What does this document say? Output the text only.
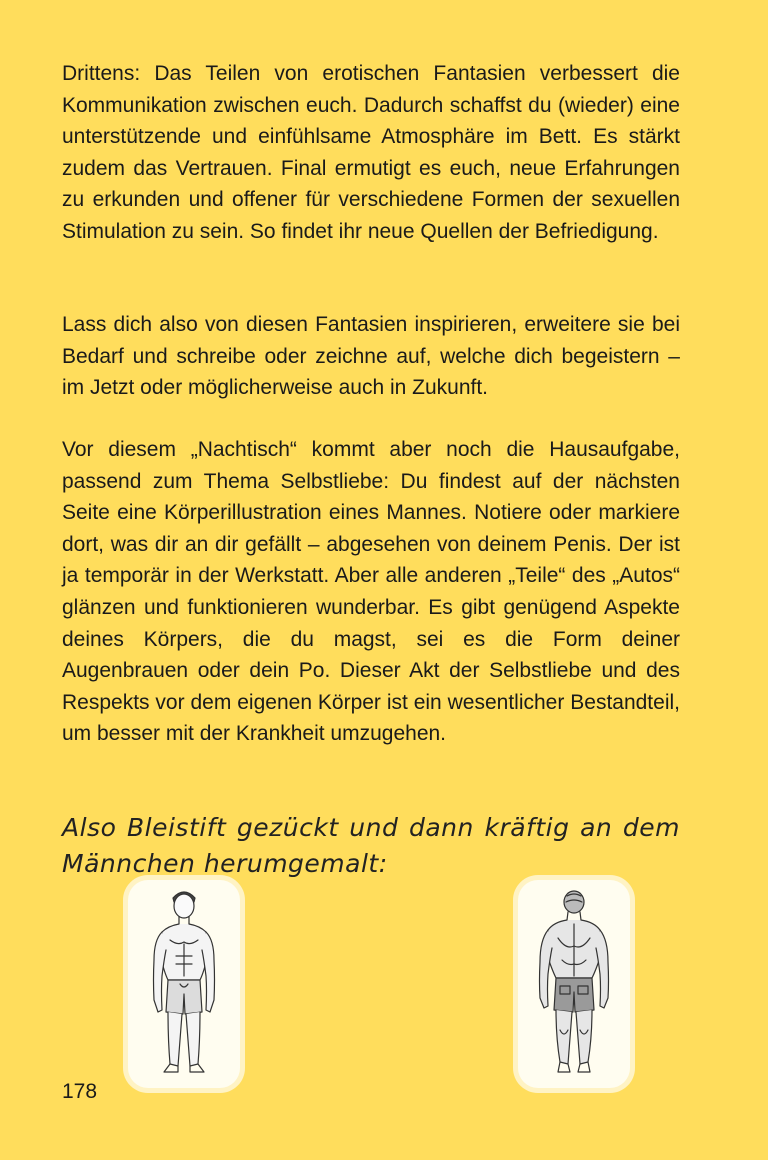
Drittens: Das Teilen von erotischen Fantasien verbessert die Kommunikation zwischen euch. Dadurch schaffst du (wieder) eine unterstützende und einfühlsame Atmosphäre im Bett. Es stärkt zudem das Vertrauen. Final ermutigt es euch, neue Erfahrungen zu erkunden und offener für verschiedene Formen der sexuellen Stimulation zu sein. So findet ihr neue Quellen der Befriedigung.

Lass dich also von diesen Fantasien inspirieren, erweitere sie bei Bedarf und schreibe oder zeichne auf, welche dich begeistern – im Jetzt oder möglicherweise auch in Zukunft.

Vor diesem „Nachtisch“ kommt aber noch die Hausaufgabe, passend zum Thema Selbstliebe: Du findest auf der nächsten Seite eine Körperillustration eines Mannes. Notiere oder markiere dort, was dir an dir gefällt – abgesehen von deinem Penis. Der ist ja temporär in der Werkstatt. Aber alle anderen „Teile“ des „Autos“ glänzen und funktionieren wunderbar. Es gibt genügend Aspekte deines Körpers, die du magst, sei es die Form deiner Augenbrauen oder dein Po. Dieser Akt der Selbstliebe und des Respekts vor dem eigenen Körper ist ein wesentlicher Bestandteil, um besser mit der Krankheit umzugehen.

Also Bleistift gezückt und dann kräftig an dem Männchen herumgemalt:

178
